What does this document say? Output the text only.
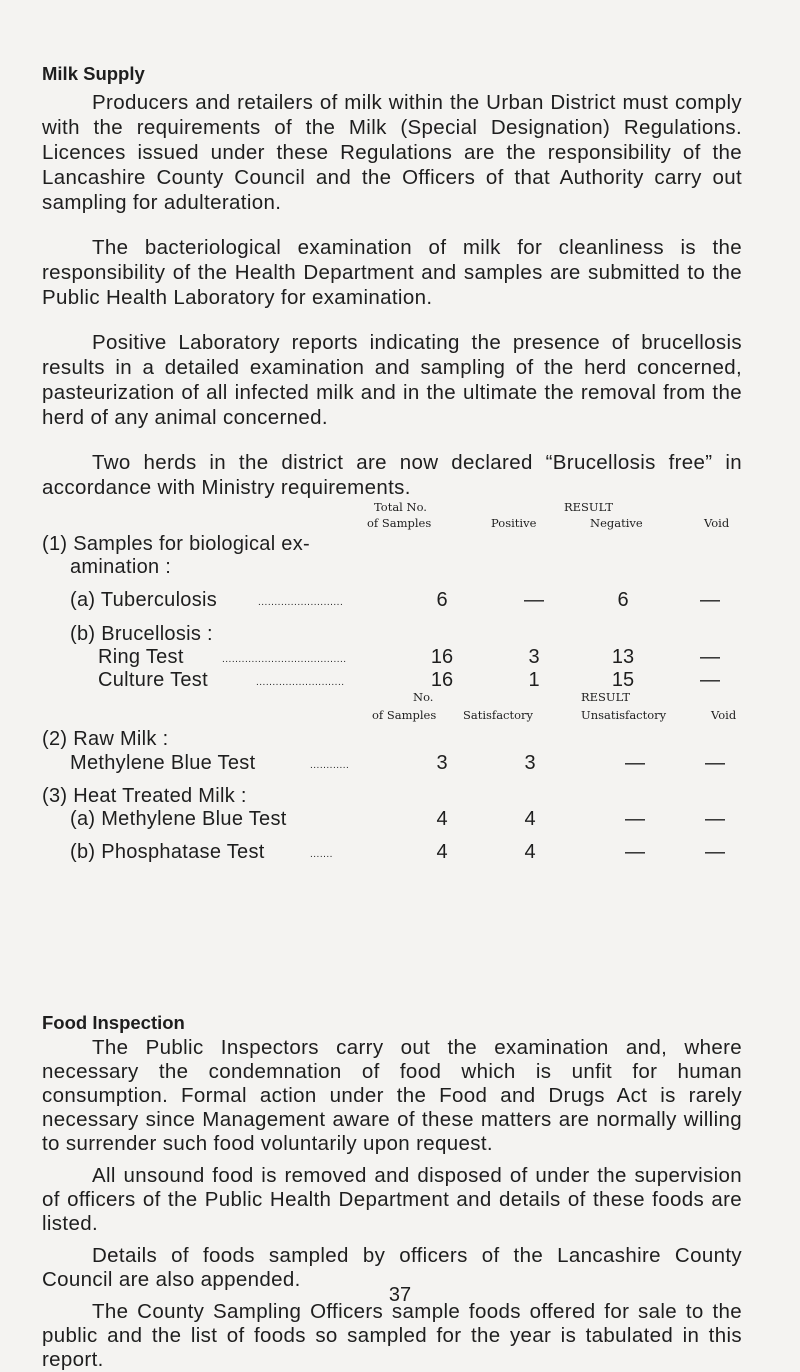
Milk Supply

Producers and retailers of milk within the Urban District must comply with the requirements of the Milk (Special Designation) Regulations. Licences issued under these Regulations are the responsibility of the Lancashire County Council and the Officers of that Authority carry out sampling for adulteration.

The bacteriological examination of milk for cleanliness is the responsibility of the Health Department and samples are submitted to the Public Health Laboratory for examination.

Positive Laboratory reports indicating the presence of brucellosis results in a detailed examination and sampling of the herd concerned, pasteurization of all infected milk and in the ultimate the removal from the herd of any animal concerned.

Two herds in the district are now declared “Brucellosis free” in accordance with Ministry requirements.

Total No.
of Samples
RESULT
Positive	Negative	Void
(1) Samples for biological ex-
amination :
(a) Tuberculosis	..........................	6	—	6	—
(b) Brucellosis :
Ring Test	......................................	16	3	13	—
Culture Test	...........................	16	1	15	—
No.
of Samples
RESULT
Satisfactory	Unsatisfactory	Void
(2) Raw Milk :
Methylene Blue Test	............	3	3	—	—
(3) Heat Treated Milk :
(a) Methylene Blue Test	4	4	—	—
(b) Phosphatase Test	.......	4	4	—	—
Food Inspection

The Public Inspectors carry out the examination and, where necessary the condemnation of food which is unfit for human consumption. Formal action under the Food and Drugs Act is rarely necessary since Management aware of these matters are normally willing to surrender such food voluntarily upon request.

All unsound food is removed and disposed of under the supervision of officers of the Public Health Department and details of these foods are listed.

Details of foods sampled by officers of the Lancashire County Council are also appended.

The County Sampling Officers sample foods offered for sale to the public and the list of foods so sampled for the year is tabulated in this report.

37
